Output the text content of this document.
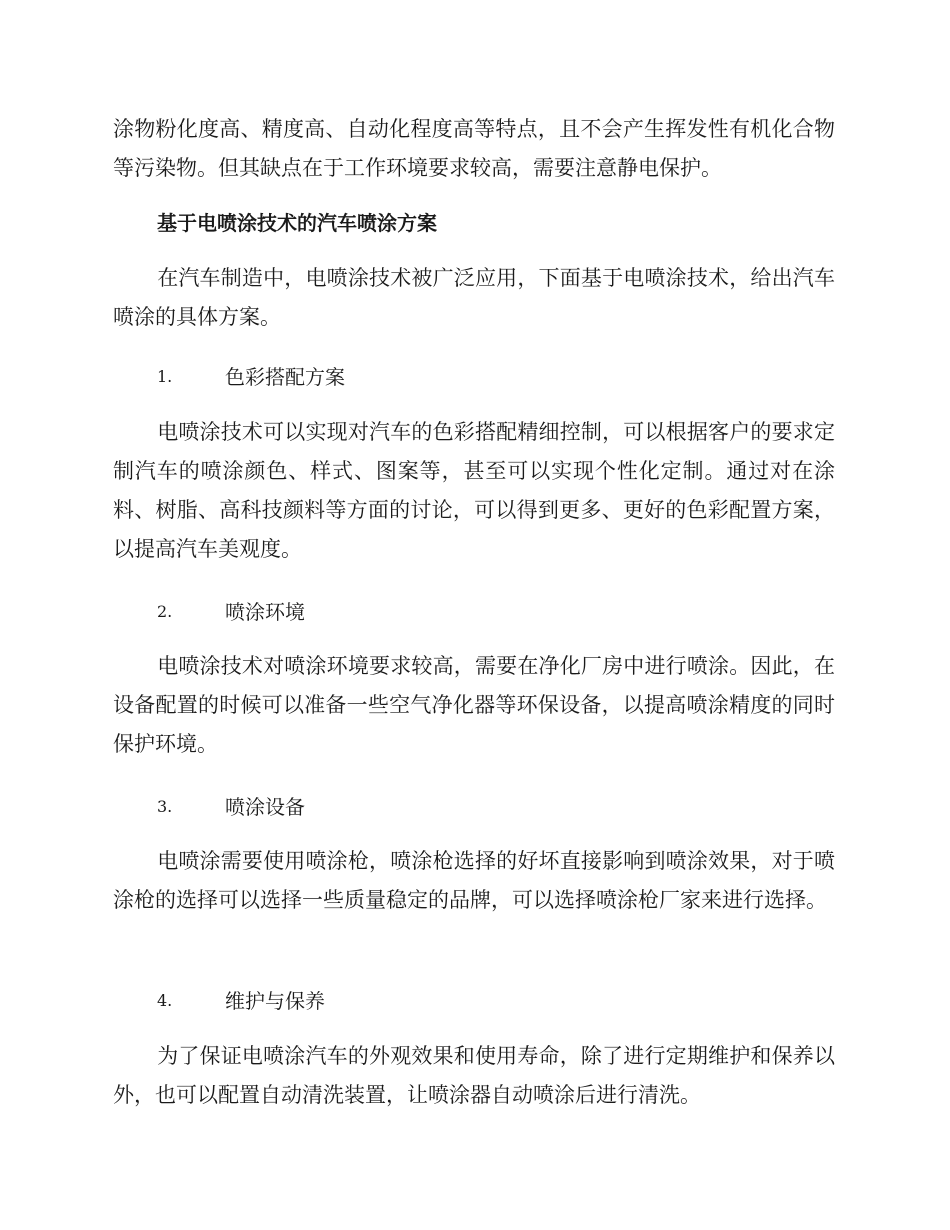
涂物粉化度高、精度高、自动化程度高等特点，且不会产生挥发性有机化合物等污染物。但其缺点在于工作环境要求较高，需要注意静电保护。

基于电喷涂技术的汽车喷涂方案

在汽车制造中，电喷涂技术被广泛应用，下面基于电喷涂技术，给出汽车喷涂的具体方案。

1.	色彩搭配方案

电喷涂技术可以实现对汽车的色彩搭配精细控制，可以根据客户的要求定制汽车的喷涂颜色、样式、图案等，甚至可以实现个性化定制。通过对在涂料、树脂、高科技颜料等方面的讨论，可以得到更多、更好的色彩配置方案，以提高汽车美观度。

2.	喷涂环境

电喷涂技术对喷涂环境要求较高，需要在净化厂房中进行喷涂。因此，在设备配置的时候可以准备一些空气净化器等环保设备，以提高喷涂精度的同时保护环境。

3.	喷涂设备

电喷涂需要使用喷涂枪，喷涂枪选择的好坏直接影响到喷涂效果，对于喷涂枪的选择可以选择一些质量稳定的品牌，可以选择喷涂枪厂家来进行选择。

4.	维护与保养

为了保证电喷涂汽车的外观效果和使用寿命，除了进行定期维护和保养以外，也可以配置自动清洗装置，让喷涂器自动喷涂后进行清洗。
